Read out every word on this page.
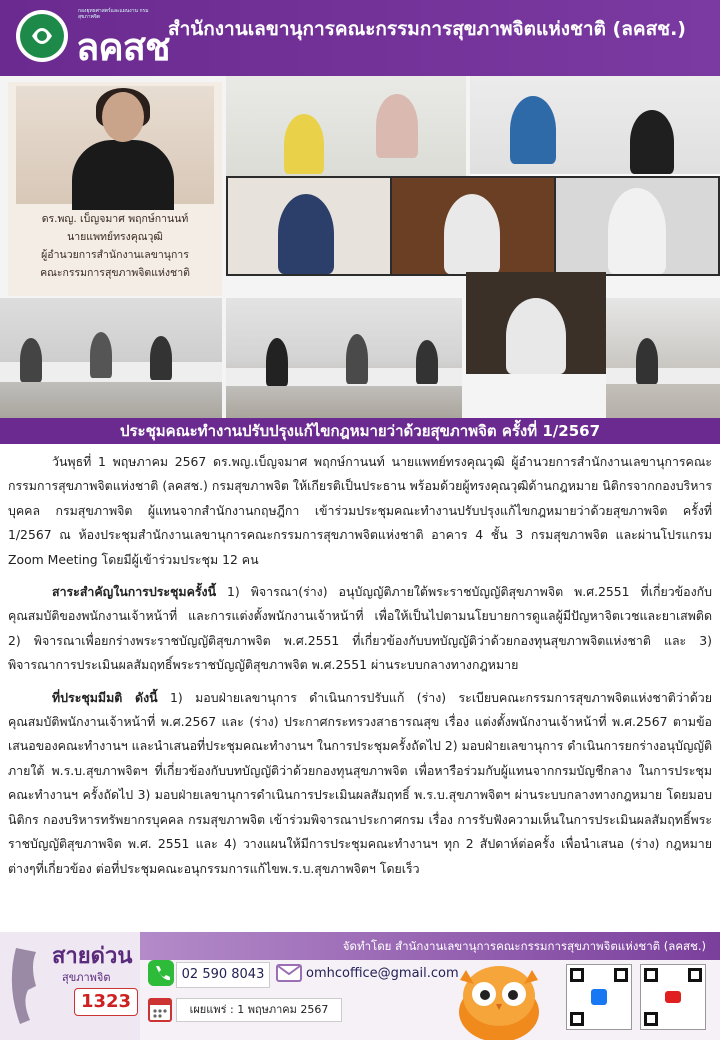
กองยุทธศาสตร์และแผนงาน กรมสุขภาพจิต
ลคสช
สำนักงานเลขานุการคณะกรรมการสุขภาพจิตแห่งชาติ (ลคสช.)
ดร.พญ. เบ็ญจมาศ พฤกษ์กานนท์
นายแพทย์ทรงคุณวุฒิ
ผู้อำนวยการสำนักงานเลขานุการ
คณะกรรมการสุขภาพจิตแห่งชาติ
ประชุมคณะทำงานปรับปรุงแก้ไขกฎหมายว่าด้วยสุขภาพจิต ครั้งที่ 1/2567

วันพุธที่ 1 พฤษภาคม 2567 ดร.พญ.เบ็ญจมาศ พฤกษ์กานนท์ นายแพทย์ทรงคุณวุฒิ ผู้อำนวยการสำนักงานเลขานุการคณะกรรมการสุขภาพจิตแห่งชาติ (ลคสช.) กรมสุขภาพจิต ให้เกียรติเป็นประธาน พร้อมด้วยผู้ทรงคุณวุฒิด้านกฎหมาย นิติกรจากกองบริหารบุคคล กรมสุขภาพจิต ผู้แทนจากสำนักงานกฤษฎีกา เข้าร่วมประชุมคณะทำงานปรับปรุงแก้ไขกฎหมายว่าด้วยสุขภาพจิต ครั้งที่ 1/2567 ณ ห้องประชุมสำนักงานเลขานุการคณะกรรมการสุขภาพจิตแห่งชาติ อาคาร 4 ชั้น 3 กรมสุขภาพจิต และผ่านโปรแกรม Zoom Meeting โดยมีผู้เข้าร่วมประชุม 12 คน

สาระสำคัญในการประชุมครั้งนี้ 1) พิจารณา(ร่าง) อนุบัญญัติภายใต้พระราชบัญญัติสุขภาพจิต พ.ศ.2551 ที่เกี่ยวข้องกับคุณสมบัติของพนักงานเจ้าหน้าที่ และการแต่งตั้งพนักงานเจ้าหน้าที่ เพื่อให้เป็นไปตามนโยบายการดูแลผู้มีปัญหาจิตเวชและยาเสพติด 2) พิจารณาเพื่อยกร่างพระราชบัญญัติสุขภาพจิต พ.ศ.2551 ที่เกี่ยวข้องกับบทบัญญัติว่าด้วยกองทุนสุขภาพจิตแห่งชาติ และ 3) พิจารณาการประเมินผลสัมฤทธิ์พระราชบัญญัติสุขภาพจิต พ.ศ.2551 ผ่านระบบกลางทางกฎหมาย

ที่ประชุมมีมติ ดังนี้ 1) มอบฝ่ายเลขานุการ ดำเนินการปรับแก้ (ร่าง) ระเบียบคณะกรรมการสุขภาพจิตแห่งชาติว่าด้วยคุณสมบัติพนักงานเจ้าหน้าที่ พ.ศ.2567 และ (ร่าง) ประกาศกระทรวงสาธารณสุข เรื่อง แต่งตั้งพนักงานเจ้าหน้าที่ พ.ศ.2567 ตามข้อเสนอของคณะทำงานฯ และนำเสนอที่ประชุมคณะทำงานฯ ในการประชุมครั้งถัดไป 2) มอบฝ่ายเลขานุการ ดำเนินการยกร่างอนุบัญญัติภายใต้ พ.ร.บ.สุขภาพจิตฯ ที่เกี่ยวข้องกับบทบัญญัติว่าด้วยกองทุนสุขภาพจิต เพื่อหารือร่วมกับผู้แทนจากกรมบัญชีกลาง ในการประชุมคณะทำงานฯ ครั้งถัดไป 3) มอบฝ่ายเลขานุการดำเนินการประเมินผลสัมฤทธิ์ พ.ร.บ.สุขภาพจิตฯ ผ่านระบบกลางทางกฎหมาย โดยมอบนิติกร กองบริหารทรัพยากรบุคคล กรมสุขภาพจิต เข้าร่วมพิจารณาประกาศกรม เรื่อง การรับฟังความเห็นในการประเมินผลสัมฤทธิ์พระราชบัญญัติสุขภาพจิต พ.ศ. 2551 และ 4) วางแผนให้มีการประชุมคณะทำงานฯ ทุก 2 สัปดาห์ต่อครั้ง เพื่อนำเสนอ (ร่าง) กฎหมายต่างๆที่เกี่ยวข้อง ต่อที่ประชุมคณะอนุกรรมการแก้ไขพ.ร.บ.สุขภาพจิตฯ โดยเร็ว

สายด่วน
สุขภาพจิต
1323
จัดทำโดย สำนักงานเลขานุการคณะกรรมการสุขภาพจิตแห่งชาติ (ลคสช.)
02 590 8043	omhcoffice@gmail.com
เผยแพร่ : 1 พฤษภาคม 2567
